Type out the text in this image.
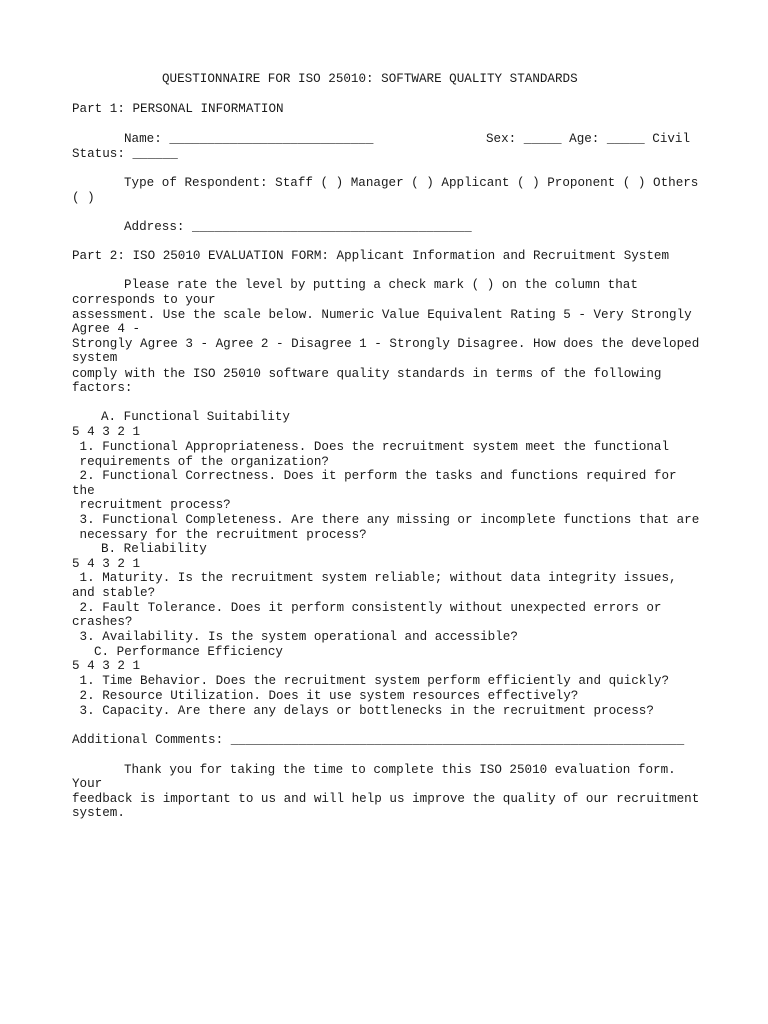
QUESTIONNAIRE FOR ISO 25010: SOFTWARE QUALITY STANDARDS

Part 1: PERSONAL INFORMATION

Name: ___________________________	Sex: _____ Age: _____ Civil

Status: ______

Type of Respondent: Staff ( ) Manager ( ) Applicant ( ) Proponent ( ) Others

( )

Address: _____________________________________

Part 2: ISO 25010 EVALUATION FORM: Applicant Information and Recruitment System

Please rate the level by putting a check mark ( ) on the column that

corresponds to your

assessment. Use the scale below. Numeric Value Equivalent Rating 5 - Very Strongly

Agree 4 -

Strongly Agree 3 - Agree 2 - Disagree 1 - Strongly Disagree. How does the developed

system

comply with the ISO 25010 software quality standards in terms of the following

factors:

A. Functional Suitability

5 4 3 2 1

1. Functional Appropriateness. Does the recruitment system meet the functional

requirements of the organization?

2. Functional Correctness. Does it perform the tasks and functions required for

the

recruitment process?

3. Functional Completeness. Are there any missing or incomplete functions that are

necessary for the recruitment process?

B. Reliability

5 4 3 2 1

1. Maturity. Is the recruitment system reliable; without data integrity issues,

and stable?

2. Fault Tolerance. Does it perform consistently without unexpected errors or

crashes?

3. Availability. Is the system operational and accessible?

C. Performance Efficiency

5 4 3 2 1

1. Time Behavior. Does the recruitment system perform efficiently and quickly?

2. Resource Utilization. Does it use system resources effectively?

3. Capacity. Are there any delays or bottlenecks in the recruitment process?

Additional Comments: ____________________________________________________________

Thank you for taking the time to complete this ISO 25010 evaluation form.

Your

feedback is important to us and will help us improve the quality of our recruitment

system.
